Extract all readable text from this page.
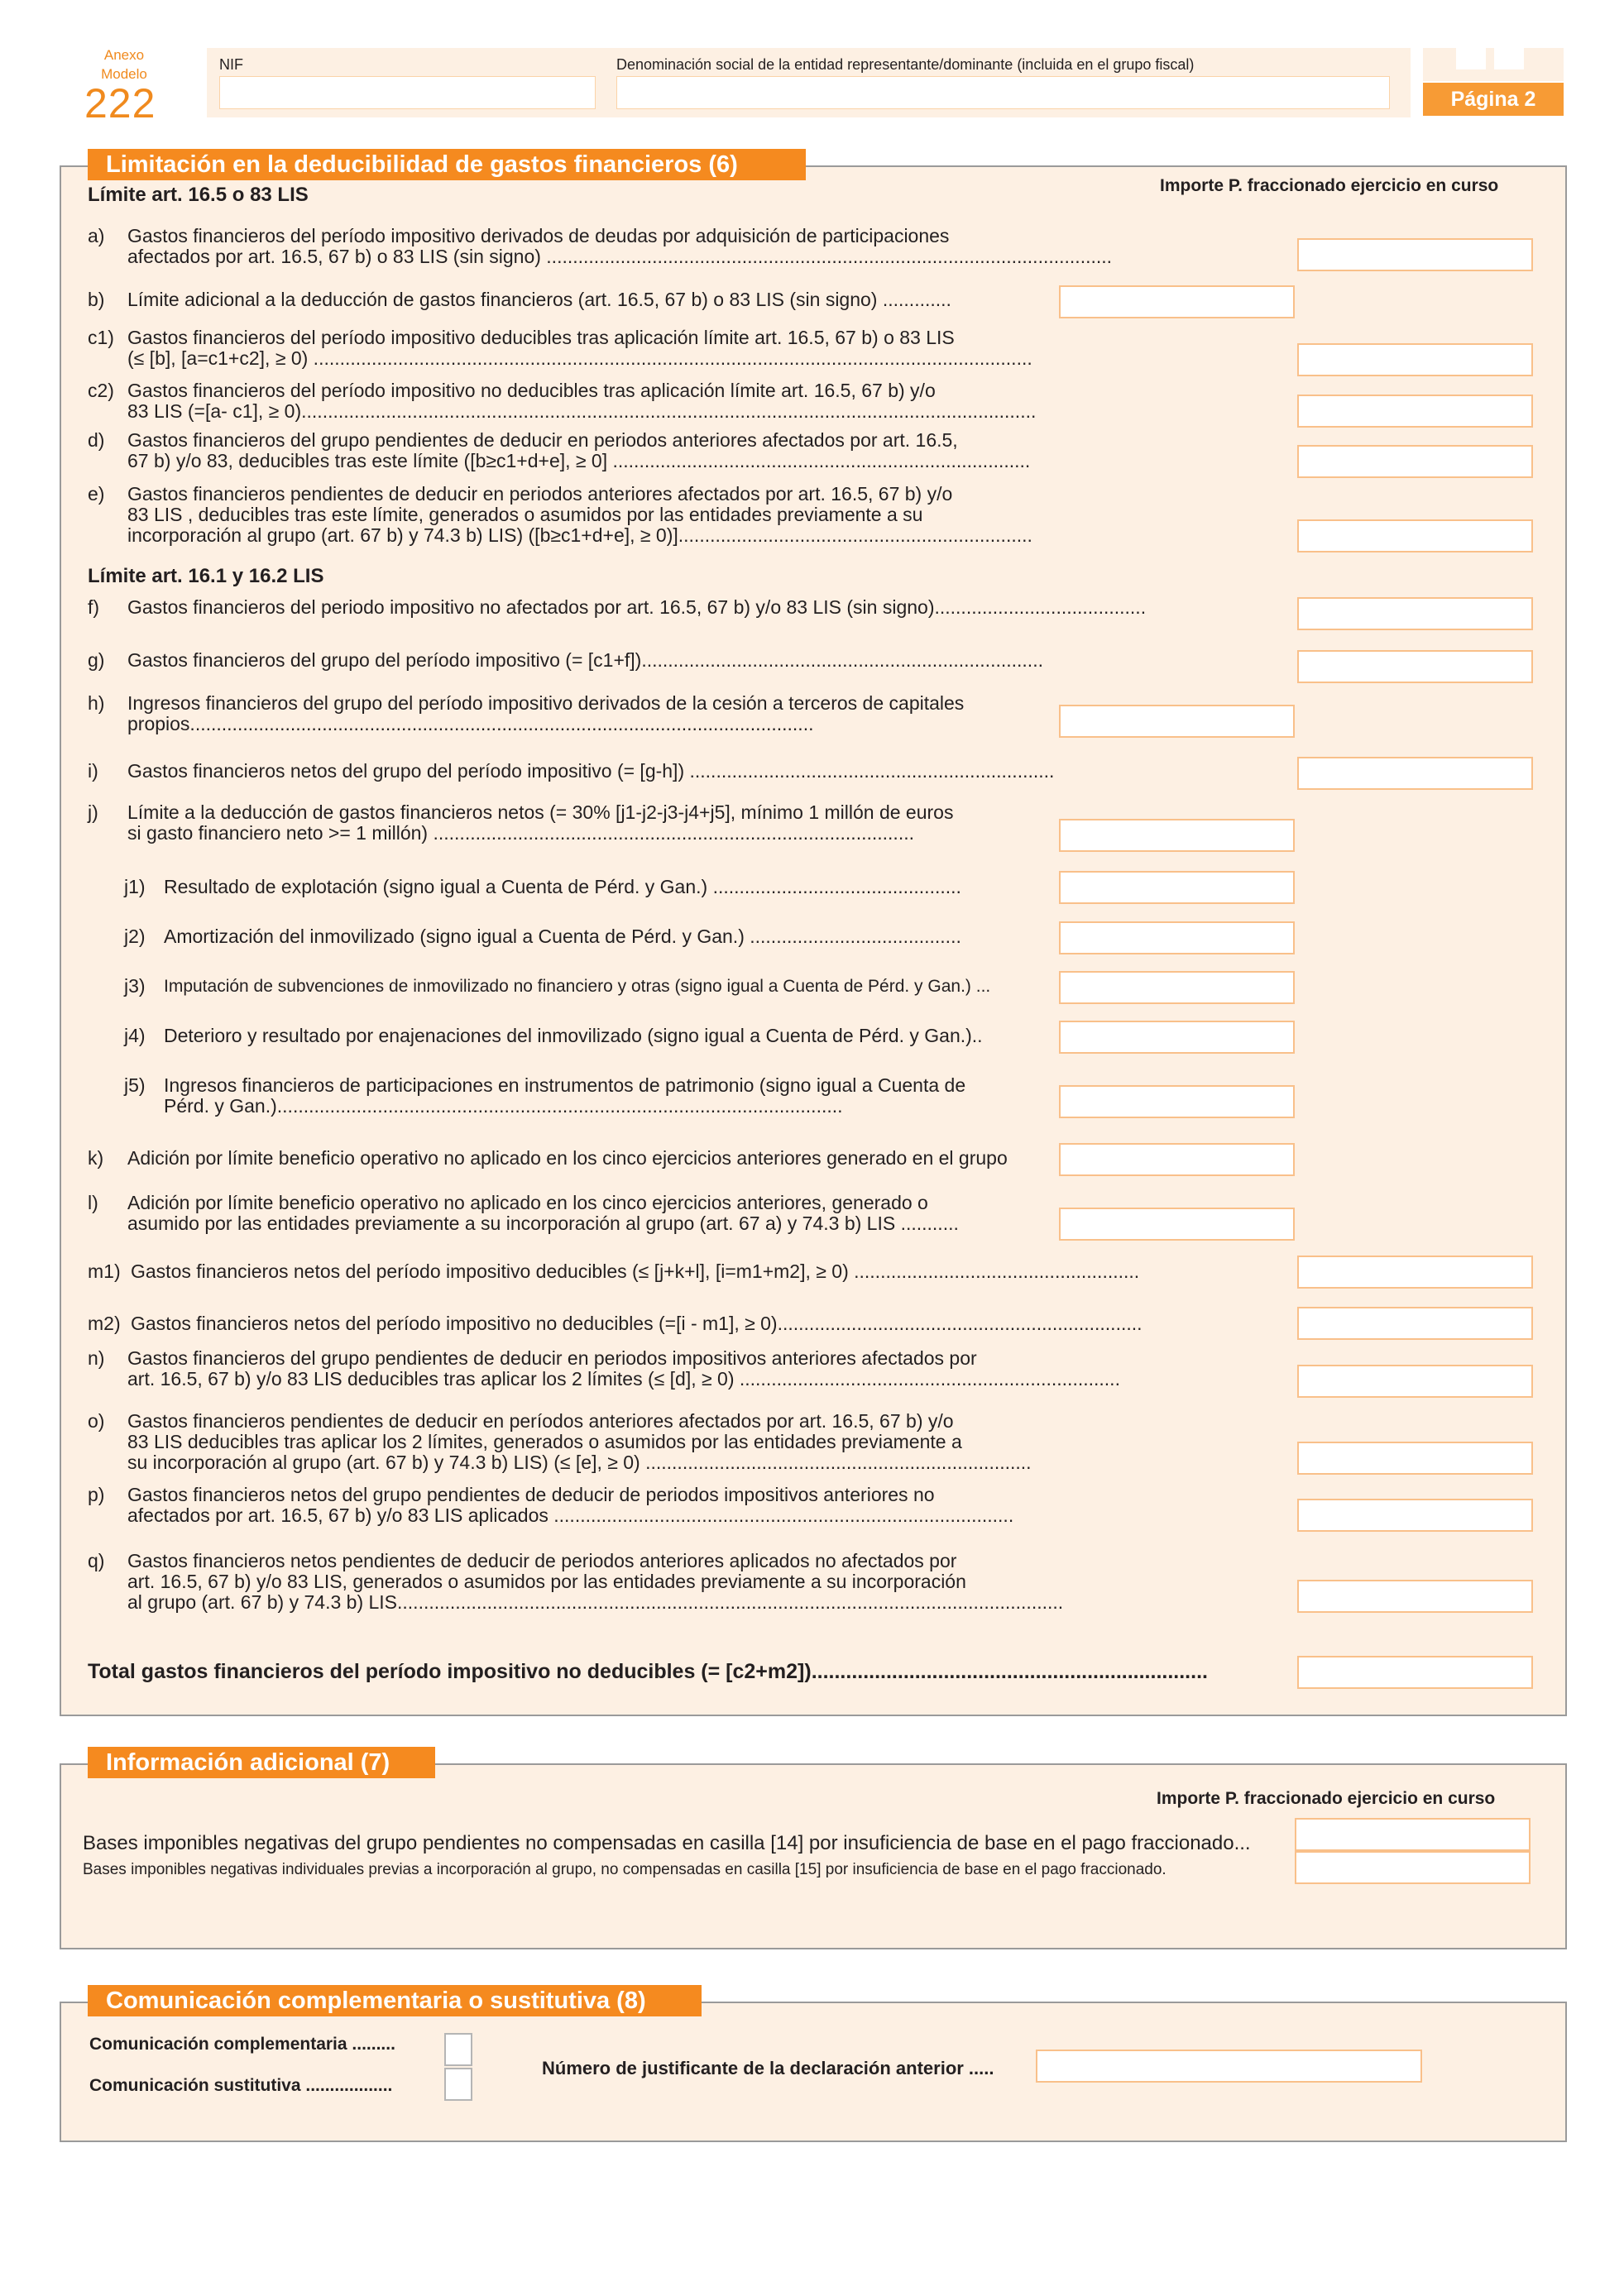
Anexo
Modelo
222
NIF	Denominación social de la entidad representante/dominante (incluida en el grupo fiscal)
Página 2
Limitación en la deducibilidad de gastos financieros (6)
Límite art. 16.5 o 83 LIS	Importe P. fraccionado ejercicio en curso
a)	Gastos financieros del período impositivo derivados de deudas por adquisición de participaciones
afectados por art. 16.5, 67 b) o 83 LIS (sin signo) ...........................................................................................................
b)	Límite adicional a la deducción de gastos financieros (art. 16.5, 67 b) o 83 LIS (sin signo) .............
c1) Gastos financieros del período impositivo deducibles tras aplicación límite art. 16.5, 67 b) o 83 LIS
(≤ [b], [a=c1+c2], ≥ 0) ........................................................................................................................................
c2) Gastos financieros del período impositivo no deducibles tras aplicación límite art. 16.5, 67 b) y/o
83 LIS (=[a- c1], ≥ 0)...........................................................................................................................................
d)	Gastos financieros del grupo pendientes de deducir en periodos anteriores afectados por art. 16.5,
67 b) y/o 83, deducibles tras este límite ([b≥c1+d+e], ≥ 0] ...............................................................................
e)	Gastos financieros pendientes de deducir en periodos anteriores afectados por art. 16.5, 67 b) y/o
83 LIS , deducibles tras este límite, generados o asumidos por las entidades previamente a su
incorporación al grupo (art. 67 b) y 74.3 b) LIS) ([b≥c1+d+e], ≥ 0)]...................................................................
f)	Gastos financieros del periodo impositivo no afectados por art. 16.5, 67 b) y/o 83 LIS (sin signo)........................................
g)	Gastos financieros del grupo del período impositivo (= [c1+f])............................................................................
h)	Ingresos financieros del grupo del período impositivo derivados de la cesión a terceros de capitales
propios......................................................................................................................
i)	Gastos financieros netos del grupo del período impositivo (= [g-h]) .....................................................................
j)	Límite a la deducción de gastos financieros netos (= 30% [j1-j2-j3-j4+j5], mínimo 1 millón de euros
si gasto financiero neto >= 1 millón) ...........................................................................................
j1) Resultado de explotación (signo igual a Cuenta de Pérd. y Gan.) ...............................................
j2) Amortización del inmovilizado (signo igual a Cuenta de Pérd. y Gan.) ........................................
j3)	Imputación de subvenciones de inmovilizado no financiero y otras (signo igual a Cuenta de Pérd. y Gan.) ...
j4) Deterioro y resultado por enajenaciones del inmovilizado (signo igual a Cuenta de Pérd. y Gan.)..
j5) Ingresos financieros de participaciones en instrumentos de patrimonio (signo igual a Cuenta de
Pérd. y Gan.)...........................................................................................................
k)	Adición por límite beneficio operativo no aplicado en los cinco ejercicios anteriores generado en el grupo
l)	Adición por límite beneficio operativo no aplicado en los cinco ejercicios anteriores, generado o
asumido por las entidades previamente a su incorporación al grupo (art. 67 a) y 74.3 b) LIS ...........
m1) Gastos financieros netos del período impositivo deducibles (≤ [j+k+l], [i=m1+m2], ≥ 0) ......................................................
m2) Gastos financieros netos del período impositivo no deducibles (=[i - m1], ≥ 0).....................................................................
n)	Gastos financieros del grupo pendientes de deducir en periodos impositivos anteriores afectados por
art. 16.5, 67 b) y/o 83 LIS deducibles tras aplicar los 2 límites (≤ [d], ≥ 0) ........................................................................
o)	Gastos financieros pendientes de deducir en períodos anteriores afectados por art. 16.5, 67 b) y/o
83 LIS deducibles tras aplicar los 2 límites, generados o asumidos por las entidades previamente a
su incorporación al grupo (art. 67 b) y 74.3 b) LIS) (≤ [e], ≥ 0) .........................................................................
p)	Gastos financieros netos del grupo pendientes de deducir de periodos impositivos anteriores no
afectados por art. 16.5, 67 b) y/o 83 LIS aplicados .......................................................................................
q)	Gastos financieros netos pendientes de deducir de periodos anteriores aplicados no afectados por
art. 16.5, 67 b) y/o 83 LIS, generados o asumidos por las entidades previamente a su incorporación
al grupo (art. 67 b) y 74.3 b) LIS..............................................................................................................................
Límite art. 16.1 y 16.2 LIS
Total gastos financieros del período impositivo no deducibles (= [c2+m2]).....................................................................
Información adicional (7)
Importe P. fraccionado ejercicio en curso
Bases imponibles negativas del grupo pendientes no compensadas en casilla [14] por insuficiencia de base en el pago fraccionado...
Bases imponibles negativas individuales previas a incorporación al grupo, no compensadas en casilla [15] por insuficiencia de base en el pago fraccionado.
Comunicación complementaria o sustitutiva (8)
Comunicación complementaria .........
Comunicación sustitutiva ..................
Número de justificante de la declaración anterior .....
